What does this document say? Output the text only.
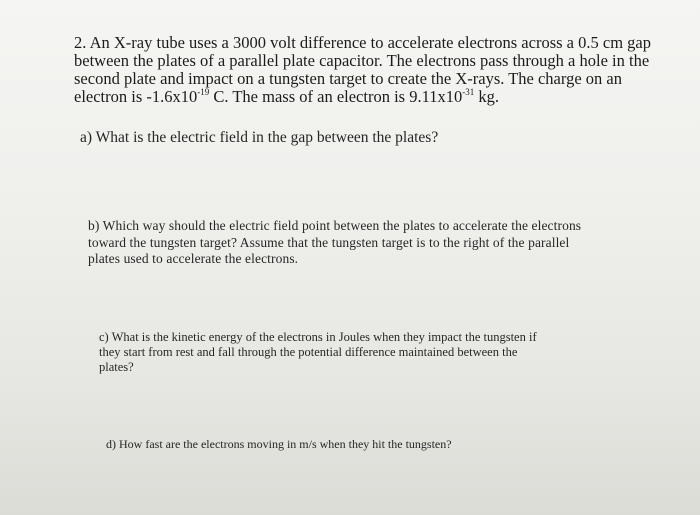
2. An X-ray tube uses a 3000 volt difference to accelerate electrons across a 0.5 cm gap
between the plates of a parallel plate capacitor. The electrons pass through a hole in the
second plate and impact on a tungsten target to create the X-rays. The charge on an
electron is $-1.6x10^{-19}$ C. The mass of an electron is $9.11x10^{-31}$ kg.
a) What is the electric field in the gap between the plates?
b) Which way should the electric field point between the plates to accelerate the electrons
toward the tungsten target? Assume that the tungsten target is to the right of the parallel
plates used to accelerate the electrons.
c) What is the kinetic energy of the electrons in Joules when they impact the tungsten if
they start from rest and fall through the potential difference maintained between the
plates?
d) How fast are the electrons moving in m/s when they hit the tungsten?
